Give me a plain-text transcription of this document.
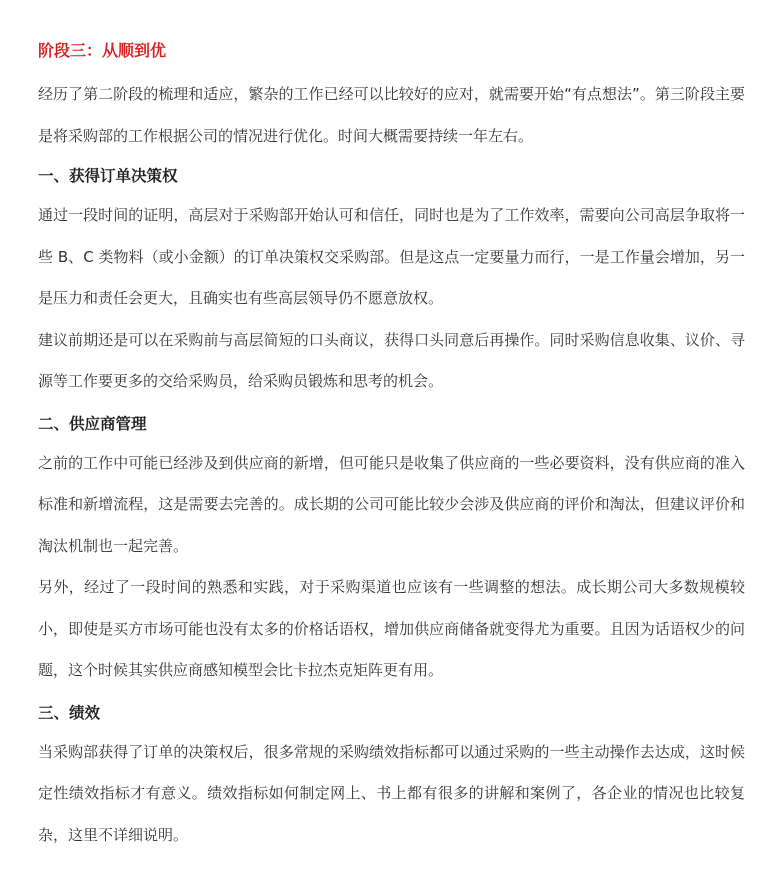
阶段三：从顺到优

经历了第二阶段的梳理和适应，繁杂的工作已经可以比较好的应对，就需要开始“有点想法”。第三阶段主要是将采购部的工作根据公司的情况进行优化。时间大概需要持续一年左右。

一、获得订单决策权

通过一段时间的证明，高层对于采购部开始认可和信任，同时也是为了工作效率，需要向公司高层争取将一些 B、C 类物料（或小金额）的订单决策权交采购部。但是这点一定要量力而行，一是工作量会增加，另一是压力和责任会更大，且确实也有些高层领导仍不愿意放权。

建议前期还是可以在采购前与高层简短的口头商议，获得口头同意后再操作。同时采购信息收集、议价、寻源等工作要更多的交给采购员，给采购员锻炼和思考的机会。

二、供应商管理

之前的工作中可能已经涉及到供应商的新增，但可能只是收集了供应商的一些必要资料，没有供应商的准入标准和新增流程，这是需要去完善的。成长期的公司可能比较少会涉及供应商的评价和淘汰，但建议评价和淘汰机制也一起完善。

另外，经过了一段时间的熟悉和实践，对于采购渠道也应该有一些调整的想法。成长期公司大多数规模较小，即使是买方市场可能也没有太多的价格话语权，增加供应商储备就变得尤为重要。且因为话语权少的问题，这个时候其实供应商感知模型会比卡拉杰克矩阵更有用。

三、绩效

当采购部获得了订单的决策权后，很多常规的采购绩效指标都可以通过采购的一些主动操作去达成，这时候定性绩效指标才有意义。绩效指标如何制定网上、书上都有很多的讲解和案例了，各企业的情况也比较复杂，这里不详细说明。
